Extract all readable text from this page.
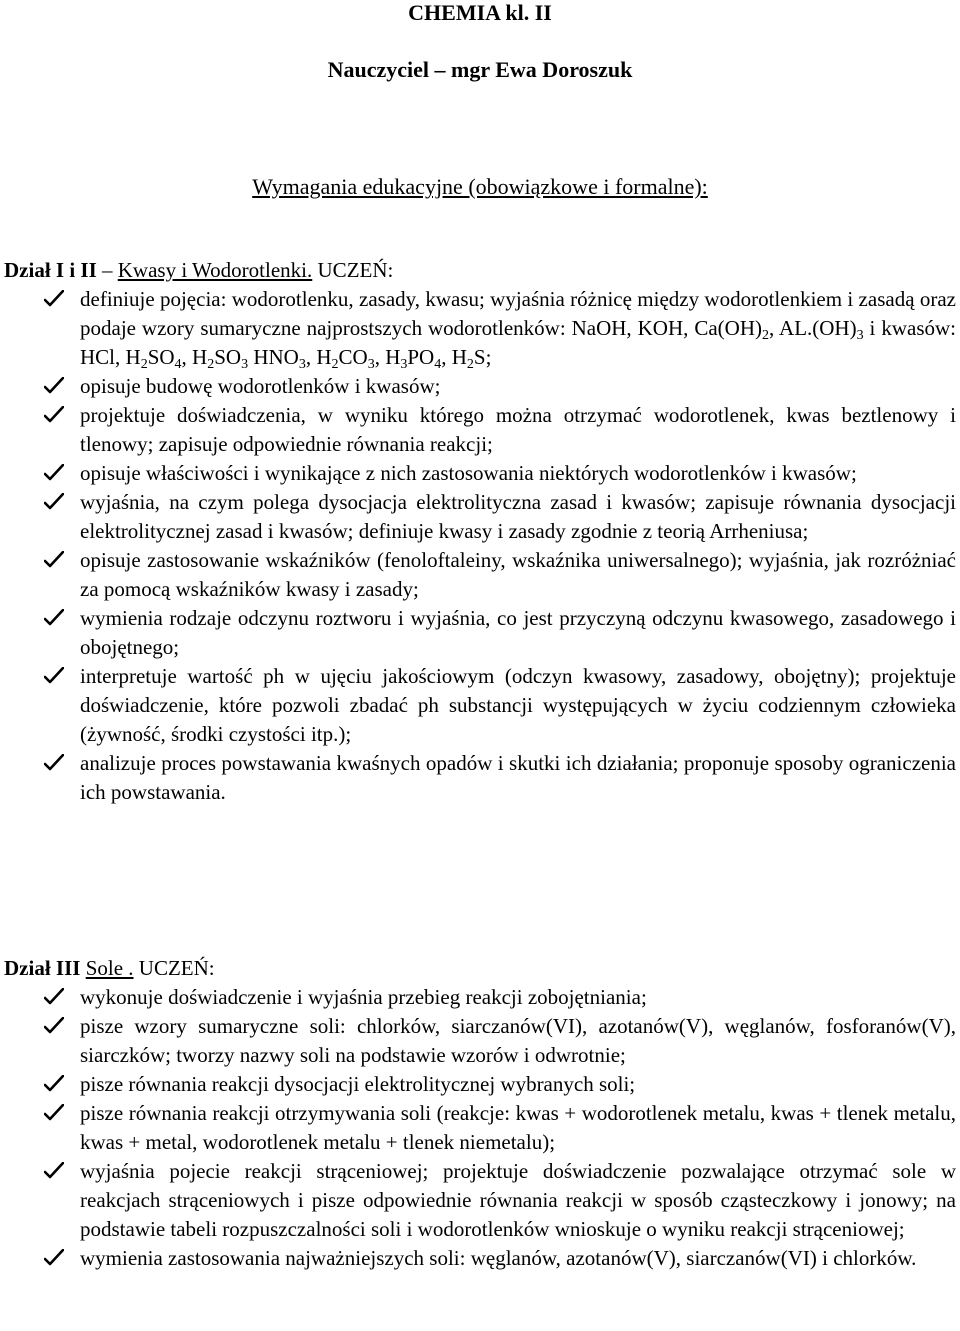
CHEMIA kl. II
Nauczyciel – mgr Ewa Doroszuk
Wymagania edukacyjne (obowiązkowe i formalne):

Dział I i II – Kwasy i Wodorotlenki. UCZEŃ:

definiuje pojęcia: wodorotlenku, zasady, kwasu; wyjaśnia różnicę między wodorotlenkiem i zasadą oraz podaje wzory sumaryczne najprostszych wodorotlenków: NaOH, KOH, $Ca(OH)_2$, $AL.(OH)_3$ i kwasów: HCl, $H_2SO_4$, $H_2SO_3$ $HNO_3$, $H_2CO_3$, $H_3PO_4$, $H_2S$;
opisuje budowę wodorotlenków i kwasów;
projektuje doświadczenia, w wyniku którego można otrzymać wodorotlenek, kwas beztlenowy i tlenowy; zapisuje odpowiednie równania reakcji;
opisuje właściwości i wynikające z nich zastosowania niektórych wodorotlenków i kwasów;
wyjaśnia, na czym polega dysocjacja elektrolityczna zasad i kwasów; zapisuje równania dysocjacji elektrolitycznej zasad i kwasów; definiuje kwasy i zasady zgodnie z teorią Arrheniusa;
opisuje zastosowanie wskaźników (fenoloftaleiny, wskaźnika uniwersalnego); wyjaśnia, jak rozróżniać za pomocą wskaźników kwasy i zasady;
wymienia rodzaje odczynu roztworu i wyjaśnia, co jest przyczyną odczynu kwasowego, zasadowego i obojętnego;
interpretuje wartość ph w ujęciu jakościowym (odczyn kwasowy, zasadowy, obojętny); projektuje doświadczenie, które pozwoli zbadać ph substancji występujących w życiu codziennym człowieka (żywność, środki czystości itp.);
analizuje proces powstawania kwaśnych opadów i skutki ich działania; proponuje sposoby ograniczenia ich powstawania.

Dział III Sole . UCZEŃ:

wykonuje doświadczenie i wyjaśnia przebieg reakcji zobojętniania;
pisze wzory sumaryczne soli: chlorków, siarczanów(VI), azotanów(V), węglanów, fosforanów(V), siarczków; tworzy nazwy soli na podstawie wzorów i odwrotnie;
pisze równania reakcji dysocjacji elektrolitycznej wybranych soli;
pisze równania reakcji otrzymywania soli (reakcje: kwas + wodorotlenek metalu, kwas + tlenek metalu, kwas + metal, wodorotlenek metalu + tlenek niemetalu);
wyjaśnia pojecie reakcji strąceniowej; projektuje doświadczenie pozwalające otrzymać sole w reakcjach strąceniowych i pisze odpowiednie równania reakcji w sposób cząsteczkowy i jonowy; na podstawie tabeli rozpuszczalności soli i wodorotlenków wnioskuje o wyniku reakcji strąceniowej;
wymienia zastosowania najważniejszych soli: węglanów, azotanów(V), siarczanów(VI) i chlorków.
